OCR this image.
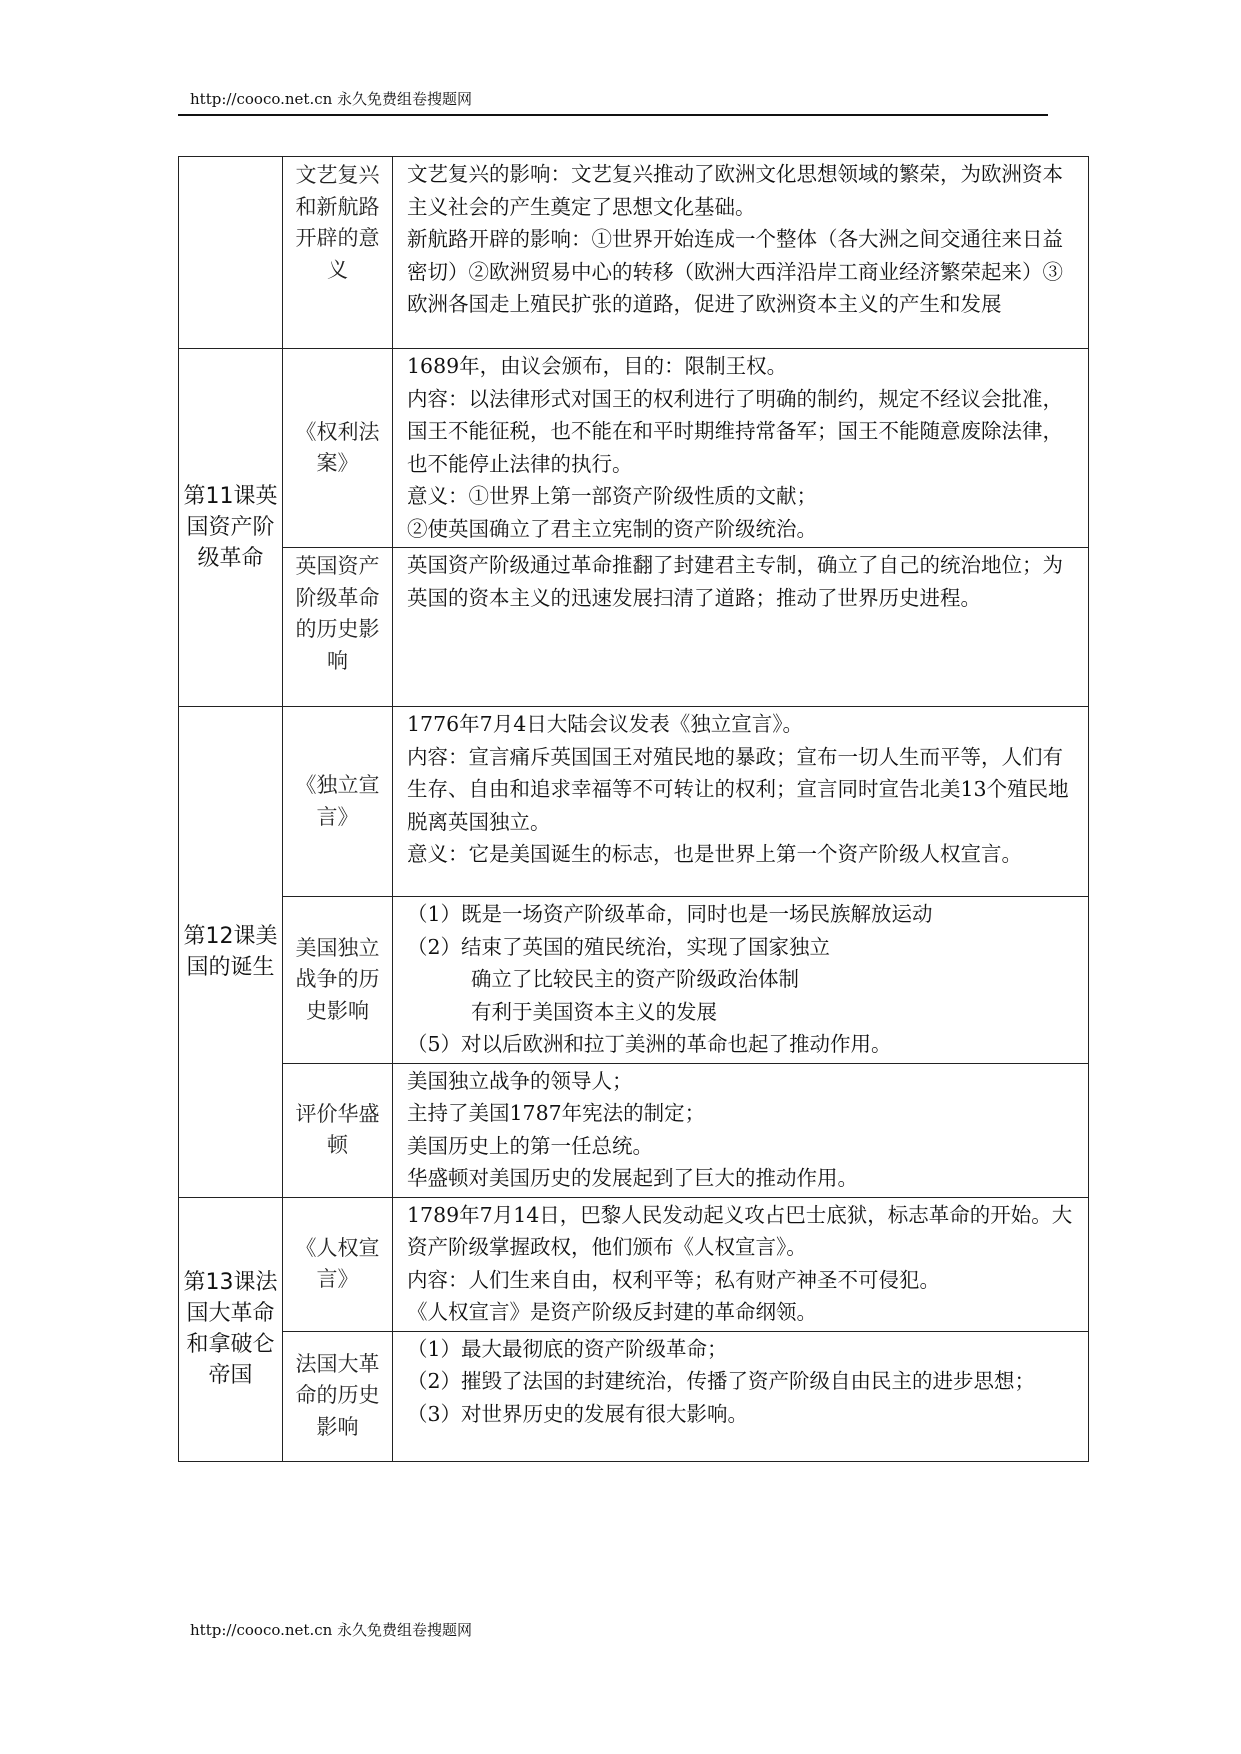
http://cooco.net.cn 永久免费组卷搜题网

	文艺复兴和新航路开辟的意义	文艺复兴的影响：文艺复兴推动了欧洲文化思想领域的繁荣，为欧洲资本主义社会的产生奠定了思想文化基础。
新航路开辟的影响：①世界开始连成一个整体（各大洲之间交通往来日益密切）②欧洲贸易中心的转移（欧洲大西洋沿岸工商业经济繁荣起来）③欧洲各国走上殖民扩张的道路，促进了欧洲资本主义的产生和发展

第11课英国资产阶级革命	《权利法案》	1689年，由议会颁布，目的：限制王权。
内容：以法律形式对国王的权利进行了明确的制约，规定不经议会批准，国王不能征税，也不能在和平时期维持常备军；国王不能随意废除法律，也不能停止法律的执行。
意义：①世界上第一部资产阶级性质的文献；
②使英国确立了君主立宪制的资产阶级统治。

	英国资产阶级革命的历史影响	英国资产阶级通过革命推翻了封建君主专制，确立了自己的统治地位；为英国的资本主义的迅速发展扫清了道路；推动了世界历史进程。

第12课美国的诞生	《独立宣言》	1776年7月4日大陆会议发表《独立宣言》。
内容：宣言痛斥英国国王对殖民地的暴政；宣布一切人生而平等，人们有生存、自由和追求幸福等不可转让的权利；宣言同时宣告北美13个殖民地脱离英国独立。
意义：它是美国诞生的标志，也是世界上第一个资产阶级人权宣言。

	美国独立战争的历史影响	（1）既是一场资产阶级革命，同时也是一场民族解放运动
（2）结束了英国的殖民统治，实现了国家独立
确立了比较民主的资产阶级政治体制
有利于美国资本主义的发展
（5）对以后欧洲和拉丁美洲的革命也起了推动作用。

	评价华盛顿	美国独立战争的领导人；
主持了美国1787年宪法的制定；
美国历史上的第一任总统。
华盛顿对美国历史的发展起到了巨大的推动作用。

第13课法国大革命和拿破仑帝国	《人权宣言》	1789年7月14日，巴黎人民发动起义攻占巴士底狱，标志革命的开始。大资产阶级掌握政权，他们颁布《人权宣言》。
内容：人们生来自由，权利平等；私有财产神圣不可侵犯。
《人权宣言》是资产阶级反封建的革命纲领。

	法国大革命的历史影响	（1）最大最彻底的资产阶级革命；
（2）摧毁了法国的封建统治，传播了资产阶级自由民主的进步思想；
（3）对世界历史的发展有很大影响。
http://cooco.net.cn 永久免费组卷搜题网
